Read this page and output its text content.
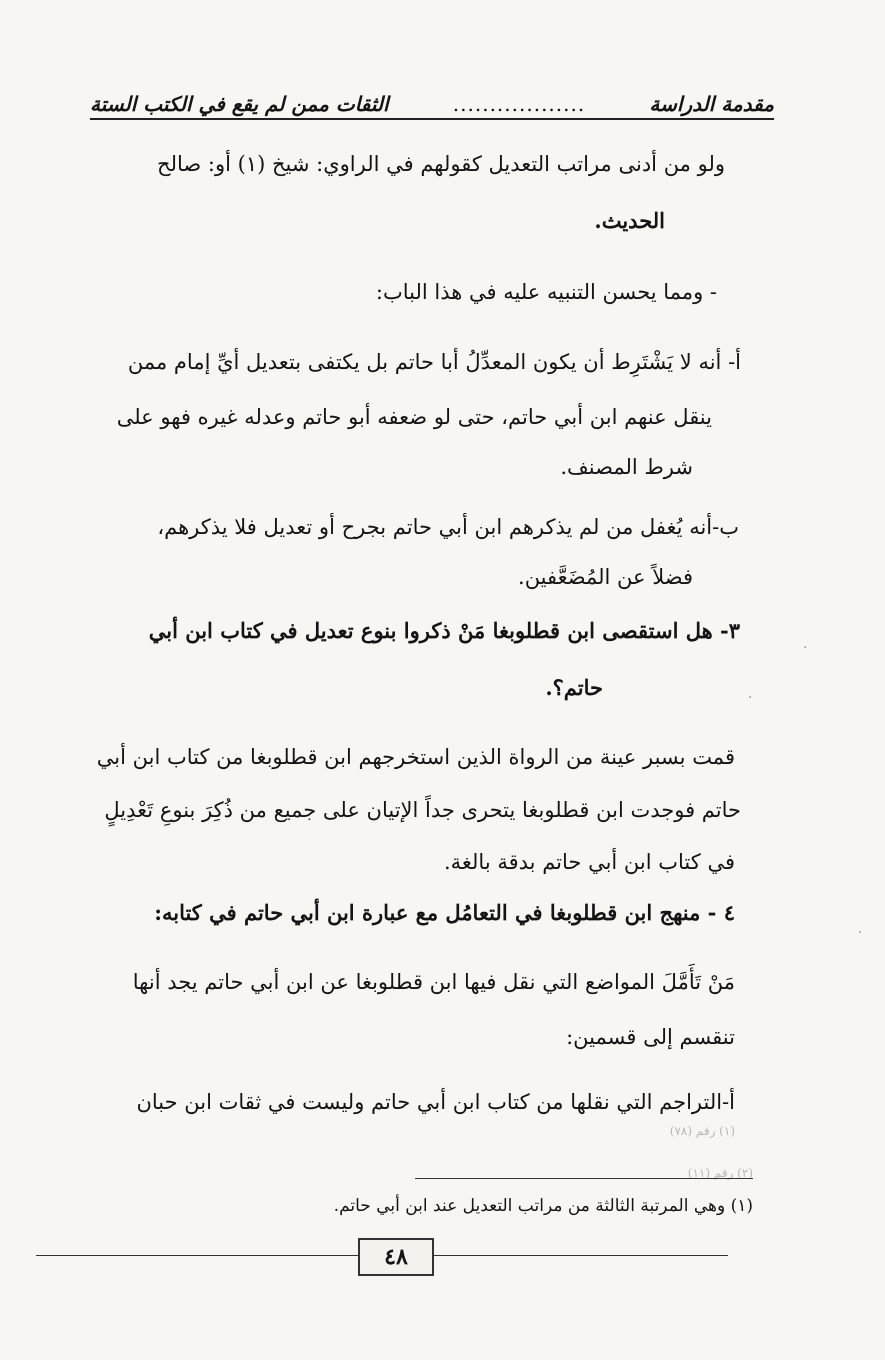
مقدمة الدراسة
..................
الثقات ممن لم يقع في الكتب الستة
ولو من أدنى مراتب التعديل كقولهم في الراوي: شيخ (١) أو: صالح
الحديث.
- ومما يحسن التنبيه عليه في هذا الباب:
أ- أنه لا يَشْتَرِط أن يكون المعدِّلُ أبا حاتم بل يكتفى بتعديل أيِّ إمام ممن
ينقل عنهم ابن أبي حاتم، حتى لو ضعفه أبو حاتم وعدله غيره فهو على
شرط المصنف.
ب-أنه يُغفل من لم يذكرهم ابن أبي حاتم بجرح أو تعديل فلا يذكرهم،
فضلاً عن المُضَعَّفين.
٣- هل استقصى ابن قطلوبغا مَنْ ذكروا بنوع تعديل في كتاب ابن أبي
حاتم؟.
قمت بسبر عينة من الرواة الذين استخرجهم ابن قطلوبغا من كتاب ابن أبي
حاتم فوجدت ابن قطلوبغا يتحرى جداً الإتيان على جميع من ذُكِرَ بنوعِ تَعْدِيلٍ
في كتاب ابن أبي حاتم بدقة بالغة.
٤ - منهج ابن قطلوبغا في التعامُل مع عبارة ابن أبي حاتم في كتابه:
مَنْ تَأَمَّلَ المواضع التي نقل فيها ابن قطلوبغا عن ابن أبي حاتم يجد أنها
تنقسم إلى قسمين:
أ-التراجم التي نقلها من كتاب ابن أبي حاتم وليست في ثقات ابن حبان
(١) رقم (٧٨)
(٢) رقم (١١)
(١) وهي المرتبة الثالثة من مراتب التعديل عند ابن أبي حاتم.
٤٨
·
·
·
